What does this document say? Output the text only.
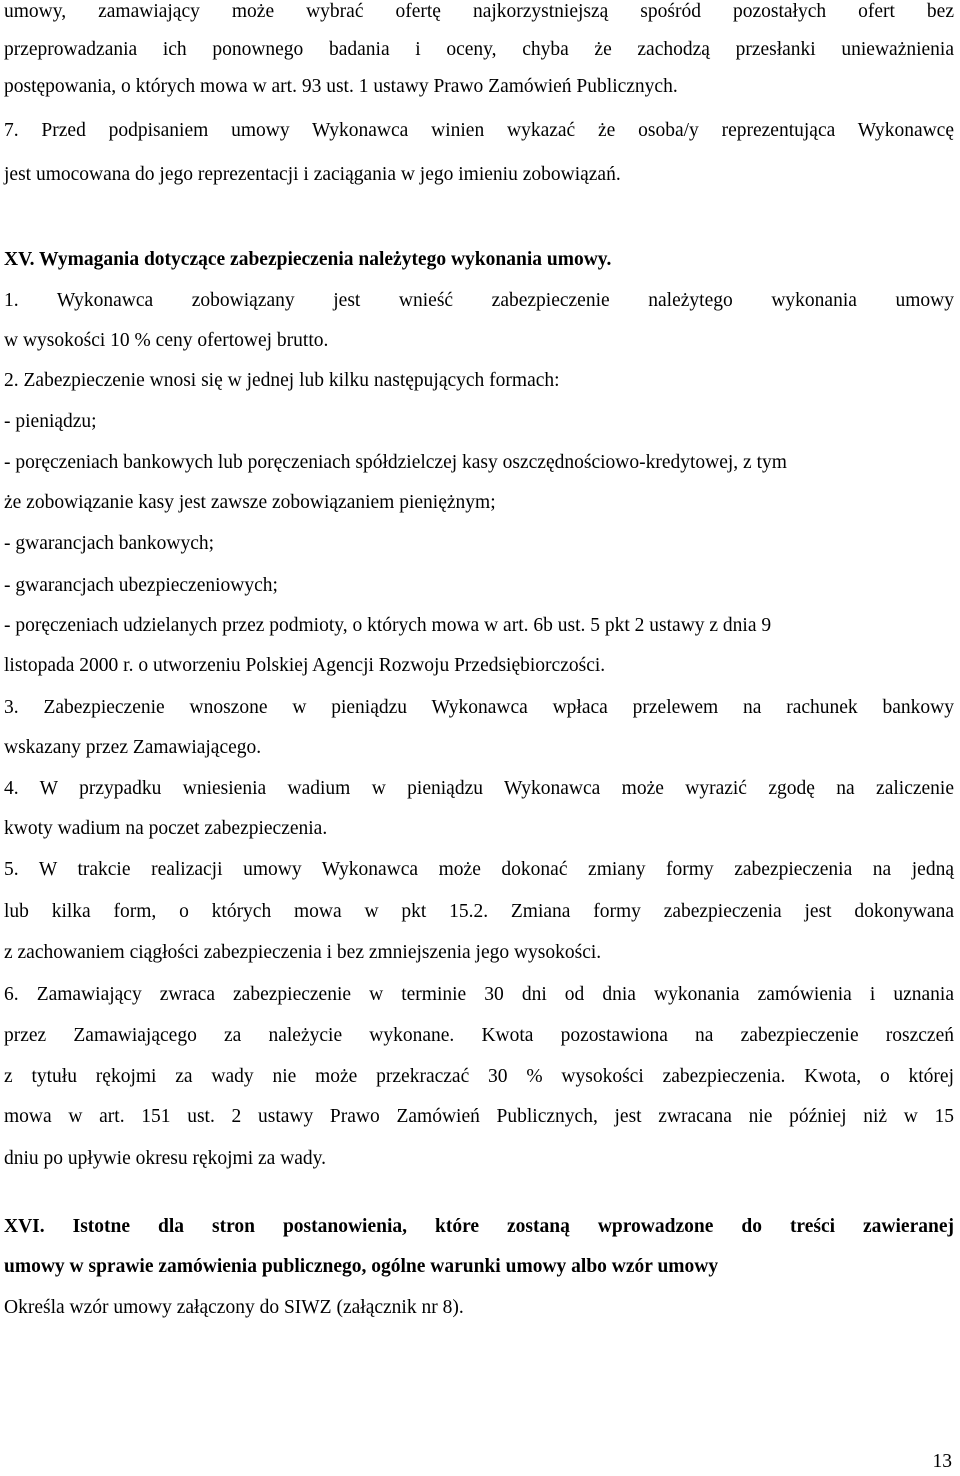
umowy, zamawiający może wybrać ofertę najkorzystniejszą spośród pozostałych ofert bez
przeprowadzania ich ponownego badania i oceny, chyba że zachodzą przesłanki unieważnienia
postępowania, o których mowa w art. 93 ust. 1 ustawy Prawo Zamówień Publicznych.
7. Przed podpisaniem umowy Wykonawca winien wykazać że osoba/y reprezentująca Wykonawcę
jest umocowana do jego reprezentacji i zaciągania w jego imieniu zobowiązań.
XV. Wymagania dotyczące zabezpieczenia należytego wykonania umowy.
1. Wykonawca zobowiązany jest wnieść zabezpieczenie należytego wykonania umowy
w wysokości 10 % ceny ofertowej brutto.
2. Zabezpieczenie wnosi się w jednej lub kilku następujących formach:
- pieniądzu;
- poręczeniach bankowych lub poręczeniach spółdzielczej kasy oszczędnościowo-kredytowej, z tym
że zobowiązanie kasy jest zawsze zobowiązaniem pieniężnym;
- gwarancjach bankowych;
- gwarancjach ubezpieczeniowych;
- poręczeniach udzielanych przez podmioty, o których mowa w art. 6b ust. 5 pkt 2 ustawy z dnia 9
listopada 2000 r. o utworzeniu Polskiej Agencji Rozwoju Przedsiębiorczości.
3. Zabezpieczenie wnoszone w pieniądzu Wykonawca wpłaca przelewem na rachunek bankowy
wskazany przez Zamawiającego.
4. W przypadku wniesienia wadium w pieniądzu Wykonawca może wyrazić zgodę na zaliczenie
kwoty wadium na poczet zabezpieczenia.
5. W trakcie realizacji umowy Wykonawca może dokonać zmiany formy zabezpieczenia na jedną
lub kilka form, o których mowa w pkt 15.2. Zmiana formy zabezpieczenia jest dokonywana
z zachowaniem ciągłości zabezpieczenia i bez zmniejszenia jego wysokości.
6. Zamawiający zwraca zabezpieczenie w terminie 30 dni od dnia wykonania zamówienia i uznania
przez Zamawiającego za należycie wykonane. Kwota pozostawiona na zabezpieczenie roszczeń
z tytułu rękojmi za wady nie może przekraczać 30 % wysokości zabezpieczenia. Kwota, o której
mowa w art. 151 ust. 2 ustawy Prawo Zamówień Publicznych, jest zwracana nie później niż w 15
dniu po upływie okresu rękojmi za wady.
XVI. Istotne dla stron postanowienia, które zostaną wprowadzone do treści zawieranej
umowy w sprawie zamówienia publicznego, ogólne warunki umowy albo wzór umowy
Określa wzór umowy załączony do SIWZ (załącznik nr 8).
13
